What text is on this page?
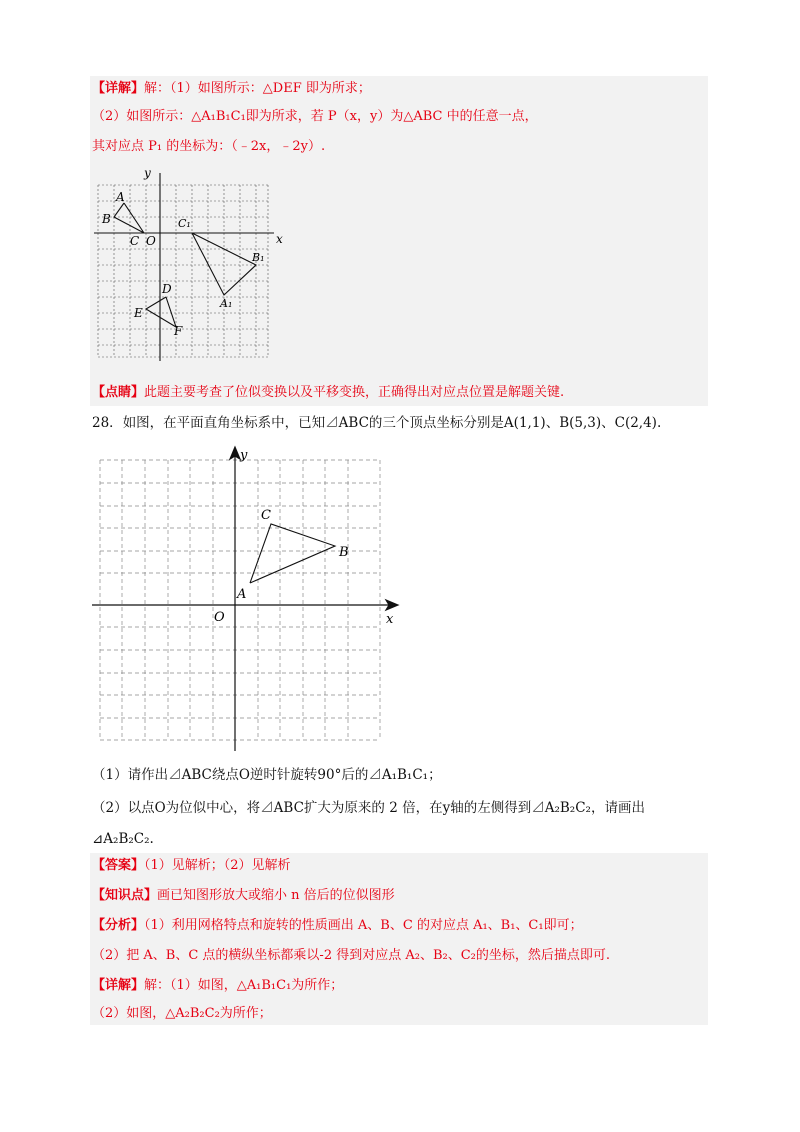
【详解】解：（1）如图所示：△DEF 即为所求；
（2）如图所示：△A₁B₁C₁即为所求，若 P（x，y）为△ABC 中的任意一点，
其对应点 P₁ 的坐标为：（﹣2x，﹣2y）.
x
y
O
A
B
C
C₁
B₁
A₁
D
E
F
【点睛】此题主要考查了位似变换以及平移变换，正确得出对应点位置是解题关键.
28．如图，在平面直角坐标系中，已知⊿ABC的三个顶点坐标分别是A(1,1)、B(5,3)、C(2,4).
x
y
O
A
B
C
（1）请作出⊿ABC绕点O逆时针旋转90°后的⊿A₁B₁C₁；
（2）以点O为位似中心，将⊿ABC扩大为原来的 2 倍，在y轴的左侧得到⊿A₂B₂C₂，请画出
⊿A₂B₂C₂.
【答案】（1）见解析；（2）见解析
【知识点】画已知图形放大或缩小 n 倍后的位似图形
【分析】（1）利用网格特点和旋转的性质画出 A、B、C 的对应点 A₁、B₁、C₁即可；
（2）把 A、B、C 点的横纵坐标都乘以-2 得到对应点 A₂、B₂、C₂的坐标，然后描点即可.
【详解】解：（1）如图，△A₁B₁C₁为所作；
（2）如图，△A₂B₂C₂为所作；
